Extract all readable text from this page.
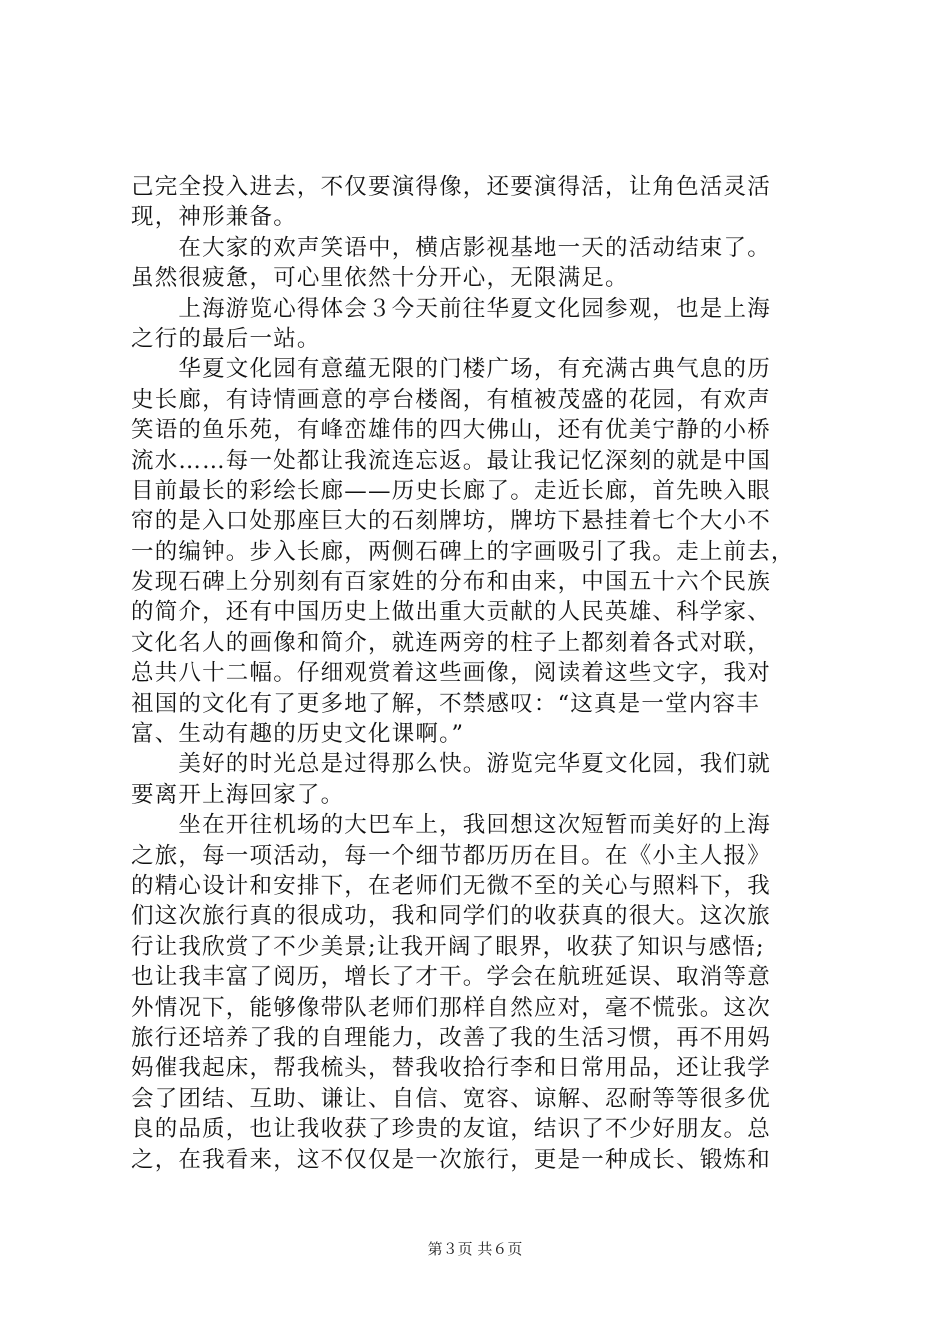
己完全投入进去，不仅要演得像，还要演得活，让角色活灵活
现，神形兼备。
　　在大家的欢声笑语中，横店影视基地一天的活动结束了。
虽然很疲惫，可心里依然十分开心，无限满足。
　　上海游览心得体会３今天前往华夏文化园参观，也是上海
之行的最后一站。
　　华夏文化园有意蕴无限的门楼广场，有充满古典气息的历
史长廊，有诗情画意的亭台楼阁，有植被茂盛的花园，有欢声
笑语的鱼乐苑，有峰峦雄伟的四大佛山，还有优美宁静的小桥
流水……每一处都让我流连忘返。最让我记忆深刻的就是中国
目前最长的彩绘长廊——历史长廊了。走近长廊，首先映入眼
帘的是入口处那座巨大的石刻牌坊，牌坊下悬挂着七个大小不
一的编钟。步入长廊，两侧石碑上的字画吸引了我。走上前去，
发现石碑上分别刻有百家姓的分布和由来，中国五十六个民族
的简介，还有中国历史上做出重大贡献的人民英雄、科学家、
文化名人的画像和简介，就连两旁的柱子上都刻着各式对联，
总共八十二幅。仔细观赏着这些画像，阅读着这些文字，我对
祖国的文化有了更多地了解，不禁感叹：“这真是一堂内容丰
富、生动有趣的历史文化课啊。”
　　美好的时光总是过得那么快。游览完华夏文化园，我们就
要离开上海回家了。
　　坐在开往机场的大巴车上，我回想这次短暂而美好的上海
之旅，每一项活动，每一个细节都历历在目。在《小主人报》
的精心设计和安排下，在老师们无微不至的关心与照料下，我
们这次旅行真的很成功，我和同学们的收获真的很大。这次旅
行让我欣赏了不少美景;让我开阔了眼界，收获了知识与感悟;
也让我丰富了阅历，增长了才干。学会在航班延误、取消等意
外情况下，能够像带队老师们那样自然应对，毫不慌张。这次
旅行还培养了我的自理能力，改善了我的生活习惯，再不用妈
妈催我起床，帮我梳头，替我收拾行李和日常用品，还让我学
会了团结、互助、谦让、自信、宽容、谅解、忍耐等等很多优
良的品质，也让我收获了珍贵的友谊，结识了不少好朋友。总
之，在我看来，这不仅仅是一次旅行，更是一种成长、锻炼和
第３页 共６页
